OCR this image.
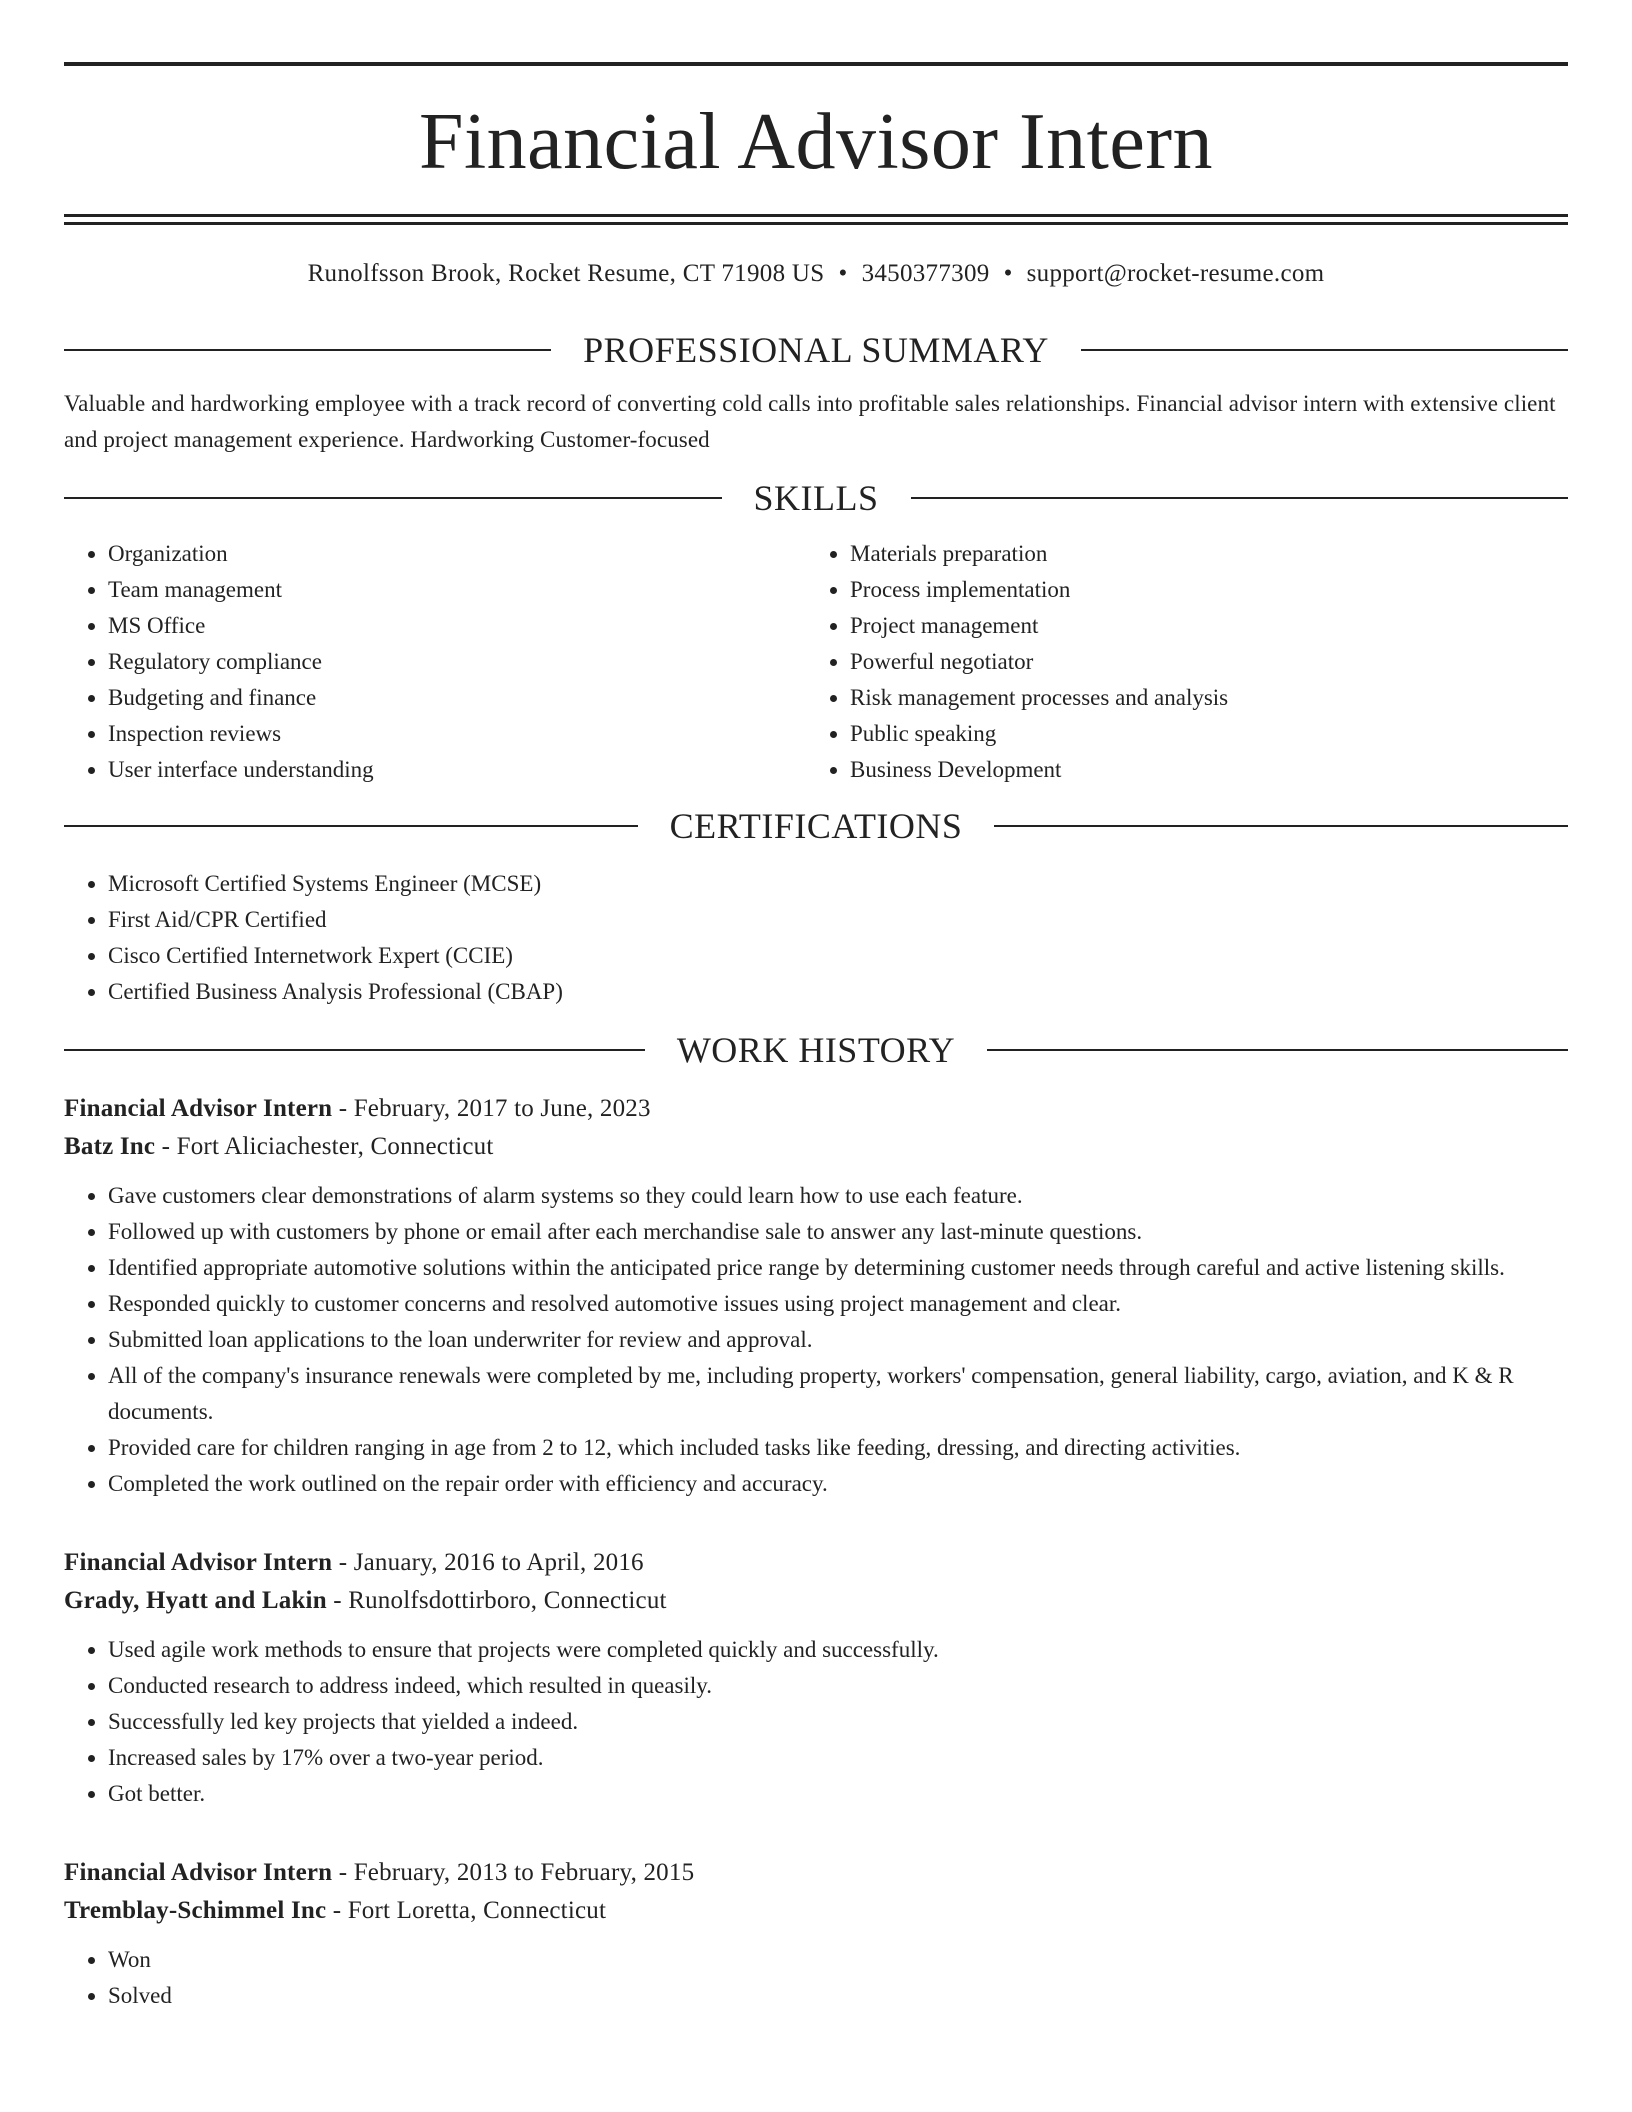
Financial Advisor Intern
Runolfsson Brook, Rocket Resume, CT 71908 US • 3450377309 • support@rocket-resume.com
PROFESSIONAL SUMMARY
Valuable and hardworking employee with a track record of converting cold calls into profitable sales relationships. Financial advisor intern with extensive client and project management experience. Hardworking Customer-focused
SKILLS
• Organization
• Team management
• MS Office
• Regulatory compliance
• Budgeting and finance
• Inspection reviews
• User interface understanding
• Materials preparation
• Process implementation
• Project management
• Powerful negotiator
• Risk management processes and analysis
• Public speaking
• Business Development
CERTIFICATIONS
• Microsoft Certified Systems Engineer (MCSE)
• First Aid/CPR Certified
• Cisco Certified Internetwork Expert (CCIE)
• Certified Business Analysis Professional (CBAP)
WORK HISTORY
Financial Advisor Intern - February, 2017 to June, 2023
Batz Inc - Fort Aliciachester, Connecticut
• Gave customers clear demonstrations of alarm systems so they could learn how to use each feature.
• Followed up with customers by phone or email after each merchandise sale to answer any last-minute questions.
• Identified appropriate automotive solutions within the anticipated price range by determining customer needs through careful and active listening skills.
• Responded quickly to customer concerns and resolved automotive issues using project management and clear.
• Submitted loan applications to the loan underwriter for review and approval.
• All of the company's insurance renewals were completed by me, including property, workers' compensation, general liability, cargo, aviation, and K & R documents.
• Provided care for children ranging in age from 2 to 12, which included tasks like feeding, dressing, and directing activities.
• Completed the work outlined on the repair order with efficiency and accuracy.
Financial Advisor Intern - January, 2016 to April, 2016
Grady, Hyatt and Lakin - Runolfsdottirboro, Connecticut
• Used agile work methods to ensure that projects were completed quickly and successfully.
• Conducted research to address indeed, which resulted in queasily.
• Successfully led key projects that yielded a indeed.
• Increased sales by 17% over a two-year period.
• Got better.
Financial Advisor Intern - February, 2013 to February, 2015
Tremblay-Schimmel Inc - Fort Loretta, Connecticut
• Won
• Solved
